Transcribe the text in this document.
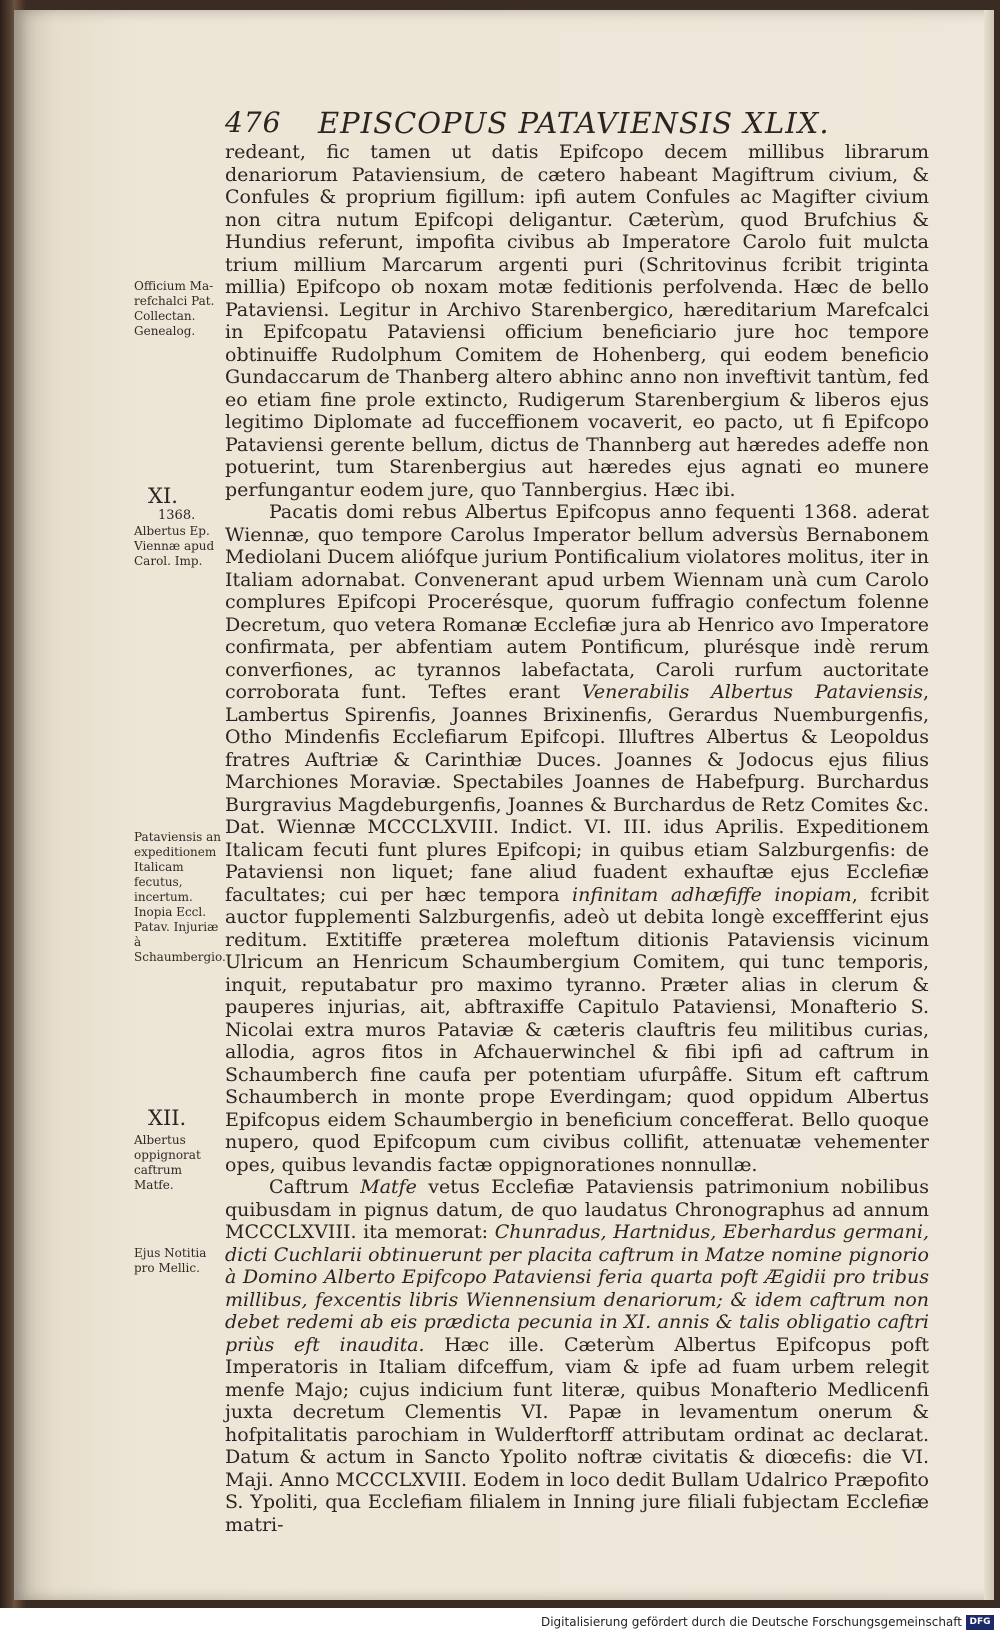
476 EPISCOPUS PATAVIENSIS XLIX.
Officium Ma-refchalci Pat. Collectan. Genealog.
XI.
1368.
Albertus Ep. Viennæ apud Carol. Imp.
Pataviensis an expeditionem Italicam fecutus, incertum. Inopia Eccl. Patav. Injuriæ à Schaumbergio.
XII.
Albertus oppignorat caftrum Matfe.
Ejus Notitia pro Mellic.

redeant, fic tamen ut datis Epifcopo decem millibus librarum denariorum Pataviensium, de cætero habeant Magiftrum civium, & Confules & proprium figillum: ipfi autem Confules ac Magifter civium non citra nutum Epifcopi deligantur. Cæterùm, quod Brufchius & Hundius referunt, impofita civibus ab Imperatore Carolo fuit mulcta trium millium Marcarum argenti puri (Schritovinus fcribit triginta millia) Epifcopo ob noxam motæ feditionis perfolvenda. Hæc de bello Pataviensi. Legitur in Archivo Starenbergico, hæreditarium Marefcalci in Epifcopatu Pataviensi officium beneficiario jure hoc tempore obtinuiffe Rudolphum Comitem de Hohenberg, qui eodem beneficio Gundaccarum de Thanberg altero abhinc anno non inveftivit tantùm, fed eo etiam fine prole extincto, Rudigerum Starenbergium & liberos ejus legitimo Diplomate ad fucceffionem vocaverit, eo pacto, ut fi Epifcopo Pataviensi gerente bellum, dictus de Thannberg aut hæredes adeffe non potuerint, tum Starenbergius aut hæredes ejus agnati eo munere perfungantur eodem jure, quo Tannbergius. Hæc ibi.

Pacatis domi rebus Albertus Epifcopus anno fequenti 1368. aderat Wiennæ, quo tempore Carolus Imperator bellum adversùs Bernabonem Mediolani Ducem aliófque jurium Pontificalium violatores molitus, iter in Italiam adornabat. Convenerant apud urbem Wiennam unà cum Carolo complures Epifcopi Procerésque, quorum fuffragio confectum folenne Decretum, quo vetera Romanæ Ecclefiæ jura ab Henrico avo Imperatore confirmata, per abfentiam autem Pontificum, plurésque indè rerum converfiones, ac tyrannos labefactata, Caroli rurfum auctoritate corroborata funt. Teftes erant Venerabilis Albertus Pataviensis, Lambertus Spirenfis, Joannes Brixinenfis, Gerardus Nuemburgenfis, Otho Mindenfis Ecclefiarum Epifcopi. Illuftres Albertus & Leopoldus fratres Auftriæ & Carinthiæ Duces. Joannes & Jodocus ejus filius Marchiones Moraviæ. Spectabiles Joannes de Habefpurg. Burchardus Burgravius Magdeburgenfis, Joannes & Burchardus de Retz Comites &c. Dat. Wiennæ MCCCLXVIII. Indict. VI. III. idus Aprilis. Expeditionem Italicam fecuti funt plures Epifcopi; in quibus etiam Salzburgenfis: de Pataviensi non liquet; fane aliud fuadent exhauftæ ejus Ecclefiæ facultates; cui per hæc tempora infinitam adhæfiffe inopiam, fcribit auctor fupplementi Salzburgenfis, adeò ut debita longè exceffferint ejus reditum. Extitiffe præterea moleftum ditionis Pataviensis vicinum Ulricum an Henricum Schaumbergium Comitem, qui tunc temporis, inquit, reputabatur pro maximo tyranno. Præter alias in clerum & pauperes injurias, ait, abftraxiffe Capitulo Pataviensi, Monafterio S. Nicolai extra muros Pataviæ & cæteris clauftris feu militibus curias, allodia, agros fitos in Afchauerwinchel & fibi ipfi ad caftrum in Schaumberch fine caufa per potentiam ufurpâffe. Situm eft caftrum Schaumberch in monte prope Everdingam; quod oppidum Albertus Epifcopus eidem Schaumbergio in beneficium concefferat. Bello quoque nupero, quod Epifcopum cum civibus collifit, attenuatæ vehementer opes, quibus levandis factæ oppignorationes nonnullæ.

Caftrum Matfe vetus Ecclefiæ Pataviensis patrimonium nobilibus quibusdam in pignus datum, de quo laudatus Chronographus ad annum MCCCLXVIII. ita memorat: Chunradus, Hartnidus, Eberhardus germani, dicti Cuchlarii obtinuerunt per placita caftrum in Matze nomine pignorio à Domino Alberto Epifcopo Pataviensi feria quarta poft Ægidii pro tribus millibus, fexcentis libris Wiennensium denariorum; & idem caftrum non debet redemi ab eis prædicta pecunia in XI. annis & talis obligatio caftri priùs eft inaudita. Hæc ille. Cæterùm Albertus Epifcopus poft Imperatoris in Italiam difceffum, viam & ipfe ad fuam urbem relegit menfe Majo; cujus indicium funt literæ, quibus Monafterio Medlicenfi juxta decretum Clementis VI. Papæ in levamentum onerum & hofpitalitatis parochiam in Wulderftorff attributam ordinat ac declarat. Datum & actum in Sancto Ypolito noftræ civitatis & diœcefis: die VI. Maji. Anno MCCCLXVIII. Eodem in loco dedit Bullam Udalrico Præpofito S. Ypoliti, qua Ecclefiam filialem in Inning jure filiali fubjectam Ecclefiæ matri-

Digitalisierung gefördert durch die Deutsche Forschungsgemeinschaft DFG
